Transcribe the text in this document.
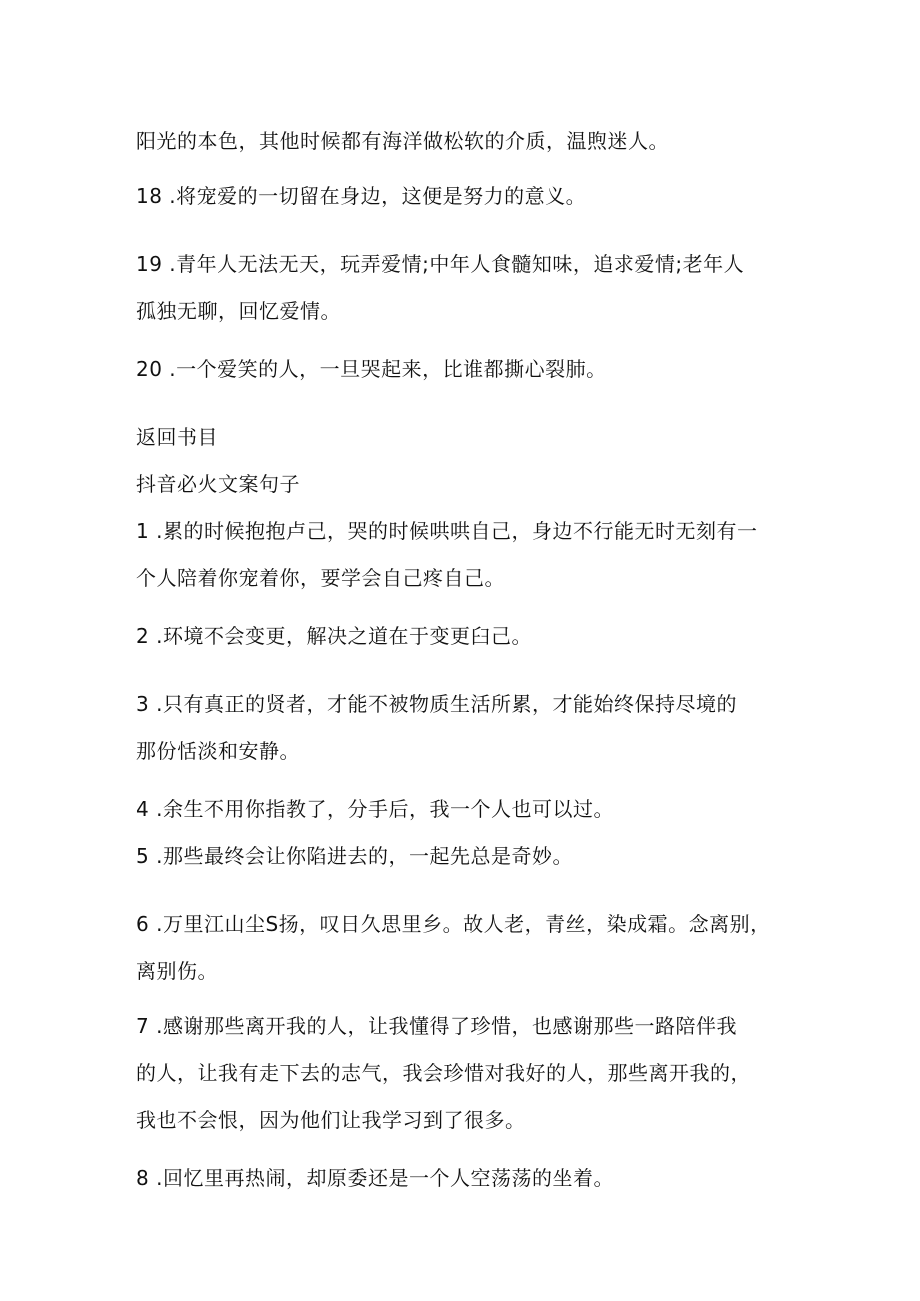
阳光的本色，其他时候都有海洋做松软的介质，温煦迷人。
18 .将宠爱的一切留在身边，这便是努力的意义。
19 .青年人无法无天，玩弄爱情;中年人食髓知味，追求爱情;老年人
孤独无聊，回忆爱情。
20 .一个爱笑的人，一旦哭起来，比谁都撕心裂肺。
返回书目
抖音必火文案句子
1 .累的时候抱抱卢己，哭的时候哄哄自己，身边不行能无时无刻有一
个人陪着你宠着你，要学会自己疼自己。
2 .环境不会变更，解决之道在于变更臼己。
3 .只有真正的贤者，才能不被物质生活所累，才能始终保持尽境的
那份恬淡和安静。
4 .余生不用你指教了，分手后，我一个人也可以过。
5 .那些最终会让你陷进去的，一起先总是奇妙。
6 .万里江山尘S扬，叹日久思里乡。故人老，青丝，染成霜。念离别，
离别伤。
7 .感谢那些离开我的人，让我懂得了珍惜，也感谢那些一路陪伴我
的人，让我有走下去的志气，我会珍惜对我好的人，那些离开我的，
我也不会恨，因为他们让我学习到了很多。
8 .回忆里再热闹，却原委还是一个人空荡荡的坐着。
